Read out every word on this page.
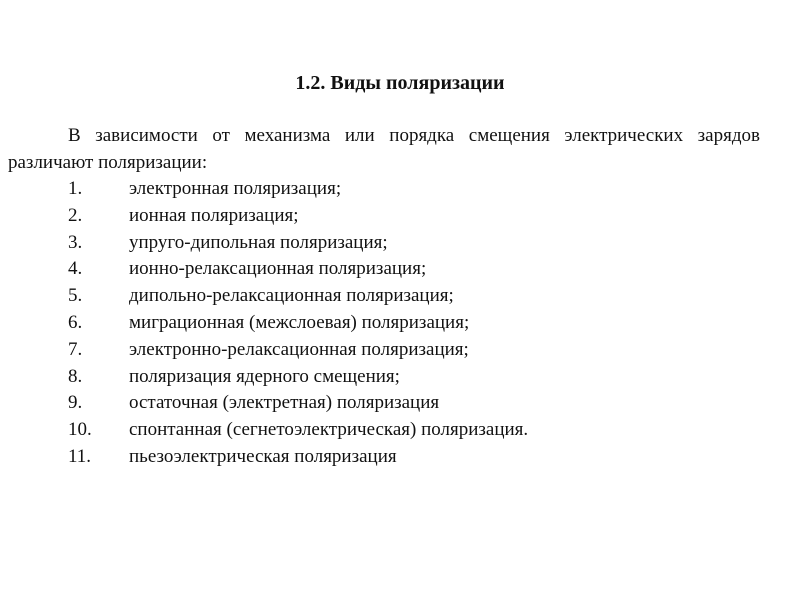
1.2. Виды поляризации
В зависимости от механизма или порядка смещения электрических зарядов различают поляризации:
1. электронная поляризация;
2. ионная поляризация;
3. упруго-дипольная поляризация;
4. ионно-релаксационная поляризация;
5. дипольно-релаксационная поляризация;
6. миграционная (межслоевая) поляризация;
7. электронно-релаксационная поляризация;
8. поляризация ядерного смещения;
9. остаточная (электретная) поляризация
10. спонтанная (сегнетоэлектрическая) поляризация.
11. пьезоэлектрическая поляризация
